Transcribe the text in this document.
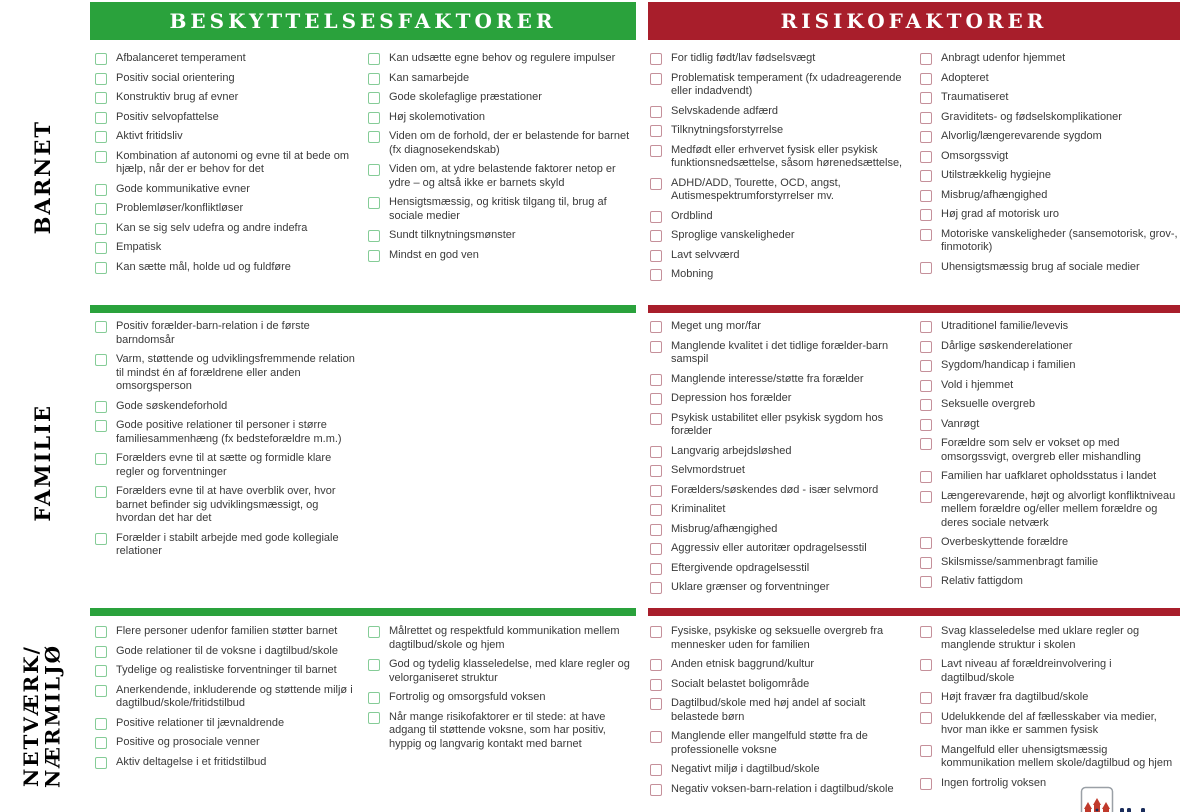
BESKYTTELSESFAKTORER	RISIKOFAKTORER
BARNET
FAMILIE
NETVÆRK/
NÆRMILJØ
Afbalanceret temperament
Positiv social orientering
Konstruktiv brug af evner
Positiv selvopfattelse
Aktivt fritidsliv
Kombination af autonomi og evne til at bede om hjælp, når der er behov for det
Gode kommunikative evner
Problemløser/konfliktløser
Kan se sig selv udefra og andre indefra
Empatisk
Kan sætte mål, holde ud og fuldføre
Kan udsætte egne behov og regulere impulser
Kan samarbejde
Gode skolefaglige præstationer
Høj skolemotivation
Viden om de forhold, der er belastende for barnet (fx diagnosekendskab)
Viden om, at ydre belastende faktorer netop er ydre – og altså ikke er barnets skyld
Hensigtsmæssig, og kritisk tilgang til, brug af sociale medier
Sundt tilknytningsmønster
Mindst en god ven
For tidlig født/lav fødselsvægt
Problematisk temperament (fx udadreagerende eller indadvendt)
Selvskadende adfærd
Tilknytningsforstyrrelse
Medfødt eller erhvervet fysisk eller psykisk funktionsnedsættelse, såsom hørenedsættelse,
ADHD/ADD, Tourette, OCD, angst, Autismespektrumforstyrrelser mv.
Ordblind
Sproglige vanskeligheder
Lavt selvværd
Mobning
Anbragt udenfor hjemmet
Adopteret
Traumatiseret
Graviditets- og fødselskomplikationer
Alvorlig/længerevarende sygdom
Omsorgssvigt
Utilstrækkelig hygiejne
Misbrug/afhængighed
Høj grad af motorisk uro
Motoriske vanskeligheder (sansemotorisk, grov-, finmotorik)
Uhensigtsmæssig brug af sociale medier
Positiv forælder-barn-relation i de første barndomsår
Varm, støttende og udviklingsfremmende relation til mindst én af forældrene eller anden omsorgsperson
Gode søskendeforhold
Gode positive relationer til personer i større familiesammenhæng (fx bedsteforældre m.m.)
Forælders evne til at sætte og formidle klare regler og forventninger
Forælders evne til at have overblik over, hvor barnet befinder sig udviklingsmæssigt, og hvordan det har det
Forælder i stabilt arbejde med gode kollegiale relationer
Meget ung mor/far
Manglende kvalitet i det tidlige forælder-barn samspil
Manglende interesse/støtte fra forælder
Depression hos forælder
Psykisk ustabilitet eller psykisk sygdom hos forælder
Langvarig arbejdsløshed
Selvmordstruet
Forælders/søskendes død - især selvmord
Kriminalitet
Misbrug/afhængighed
Aggressiv eller autoritær opdragelsesstil
Eftergivende opdragelsesstil
Uklare grænser og forventninger
Utraditionel familie/levevis
Dårlige søskenderelationer
Sygdom/handicap i familien
Vold i hjemmet
Seksuelle overgreb
Vanrøgt
Forældre som selv er vokset op med omsorgssvigt, overgreb eller mishandling
Familien har uafklaret opholdsstatus i landet
Længerevarende, højt og alvorligt konfliktniveau mellem forældre og/eller mellem forældre og deres sociale netværk
Overbeskyttende forældre
Skilsmisse/sammenbragt familie
Relativ fattigdom
Flere personer udenfor familien støtter barnet
Gode relationer til de voksne i dagtilbud/skole
Tydelige og realistiske forventninger til barnet
Anerkendende, inkluderende og støttende miljø i dagtilbud/skole/fritidstilbud
Positive relationer til jævnaldrende
Positive og prosociale venner
Aktiv deltagelse i et fritidstilbud
Målrettet og respektfuld kommunikation mellem dagtilbud/skole og hjem
God og tydelig klasseledelse, med klare regler og velorganiseret struktur
Fortrolig og omsorgsfuld voksen
Når mange risikofaktorer er til stede: at have adgang til støttende voksne, som har positiv, hyppig og langvarig kontakt med barnet
Fysiske, psykiske og seksuelle overgreb fra mennesker uden for familien
Anden etnisk baggrund/kultur
Socialt belastet boligområde
Dagtilbud/skole med høj andel af socialt belastede børn
Manglende eller mangelfuld støtte fra de professionelle voksne
Negativt miljø i dagtilbud/skole
Negativ voksen-barn-relation i dagtilbud/skole
Svag klasseledelse med uklare regler og manglende struktur i skolen
Lavt niveau af forældreinvolvering i dagtilbud/skole
Højt fravær fra dagtilbud/skole
Udelukkende del af fællesskaber via medier, hvor man ikke er sammen fysisk
Mangelfuld eller uhensigtsmæssig kommunikation mellem skole/dagtilbud og hjem
Ingen fortrolig voksen
